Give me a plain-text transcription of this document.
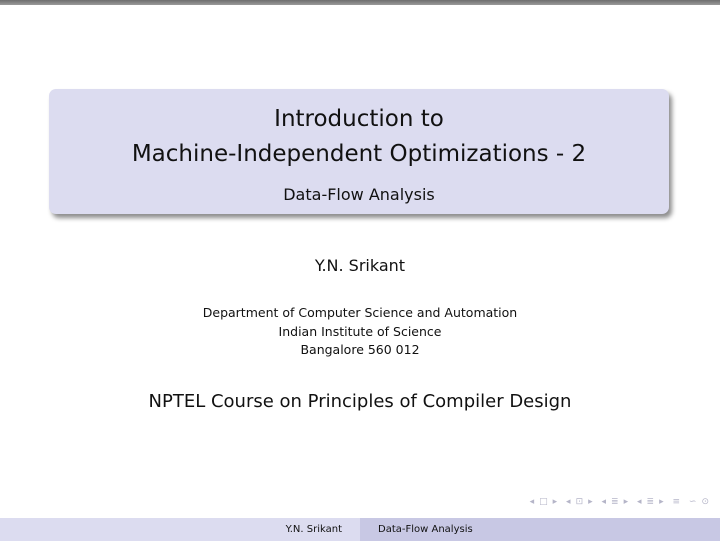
Introduction to
Machine-Independent Optimizations - 2
Data-Flow Analysis
Y.N. Srikant
Department of Computer Science and Automation
Indian Institute of Science
Bangalore 560 012
NPTEL Course on Principles of Compiler Design
◂ □ ▸ ◂ ⊡ ▸ ◂ ≣ ▸ ◂ ≣ ▸ ≡ ∽ ⊙
Y.N. Srikant	Data-Flow Analysis
